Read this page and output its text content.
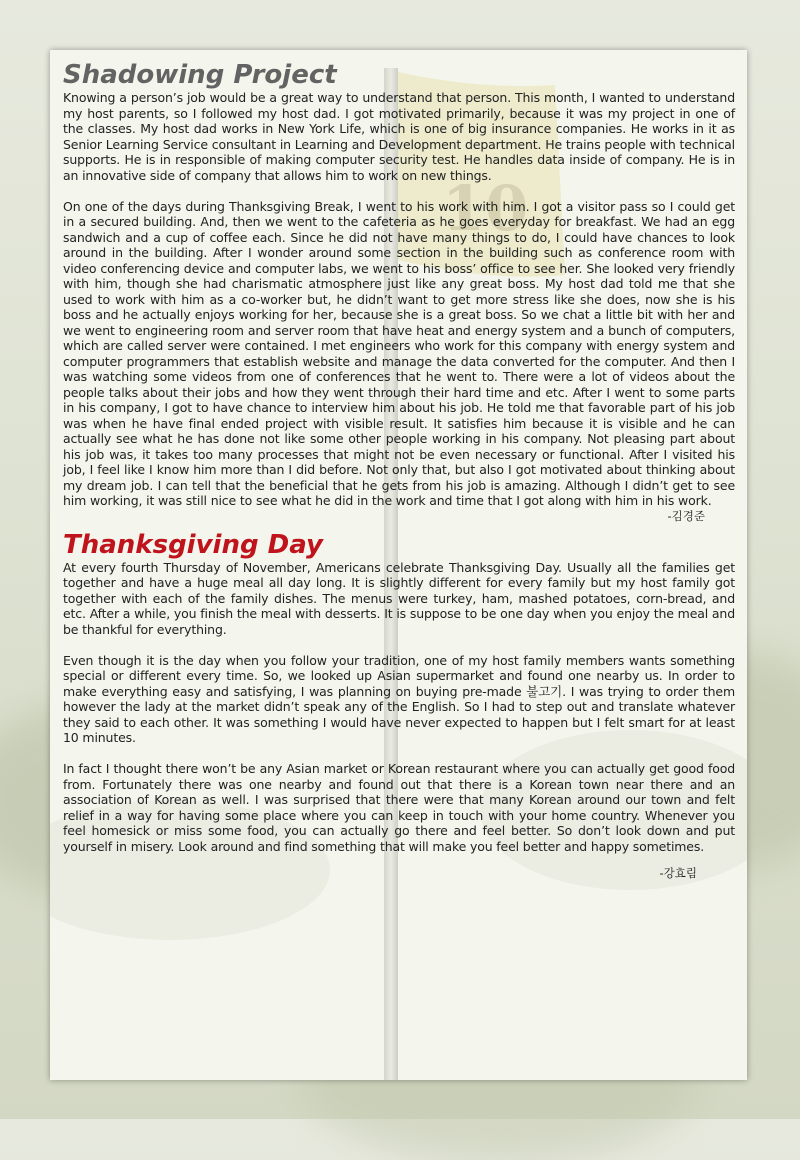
10
Shadowing Project

Knowing a person’s job would be a great way to understand that person. This month, I wanted to understand my host parents, so I followed my host dad. I got motivated primarily, because it was my project in one of the classes. My host dad works in New York Life, which is one of big insurance companies. He works in it as Senior Learning Service consultant in Learning and Development department. He trains people with technical supports. He is in responsible of making computer security test. He handles data inside of company. He is in an innovative side of company that allows him to work on new things.

On one of the days during Thanksgiving Break, I went to his work with him. I got a visitor pass so I could get in a secured building. And, then we went to the cafeteria as he goes everyday for breakfast. We had an egg sandwich and a cup of coffee each. Since he did not have many things to do, I could have chances to look around in the building. After I wonder around some section in the building such as conference room with video conferencing device and computer labs, we went to his boss’ office to see her. She looked very friendly with him, though she had charismatic atmosphere just like any great boss. My host dad told me that she used to work with him as a co-worker but, he didn’t want to get more stress like she does, now she is his boss and he actually enjoys working for her, because she is a great boss. So we chat a little bit with her and we went to engineering room and server room that have heat and energy system and a bunch of computers, which are called server were contained. I met engineers who work for this company with energy system and computer programmers that establish website and manage the data converted for the computer. And then I was watching some videos from one of conferences that he went to. There were a lot of videos about the people talks about their jobs and how they went through their hard time and etc. After I went to some parts in his company, I got to have chance to interview him about his job. He told me that favorable part of his job was when he have final ended project with visible result. It satisfies him because it is visible and he can actually see what he has done not like some other people working in his company. Not pleasing part about his job was, it takes too many processes that might not be even necessary or functional. After I visited his job, I feel like I know him more than I did before. Not only that, but also I got motivated about thinking about my dream job. I can tell that the beneficial that he gets from his job is amazing. Although I didn’t get to see him working, it was still nice to see what he did in the work and time that I got along with him in his work.

-김경준
Thanksgiving Day

At every fourth Thursday of November, Americans celebrate Thanksgiving Day. Usually all the families get together and have a huge meal all day long. It is slightly different for every family but my host family got together with each of the family dishes. The menus were turkey, ham, mashed potatoes, corn-bread, and etc. After a while, you finish the meal with desserts. It is suppose to be one day when you enjoy the meal and be thankful for everything.

Even though it is the day when you follow your tradition, one of my host family members wants something special or different every time. So, we looked up Asian supermarket and found one nearby us. In order to make everything easy and satisfying, I was planning on buying pre-made 불고기. I was trying to order them however the lady at the market didn’t speak any of the English. So I had to step out and translate whatever they said to each other. It was something I would have never expected to happen but I felt smart for at least 10 minutes.

In fact I thought there won’t be any Asian market or Korean restaurant where you can actually get good food from. Fortunately there was one nearby and found out that there is a Korean town near there and an association of Korean as well. I was surprised that there were that many Korean around our town and felt relief in a way for having some place where you can keep in touch with your home country. Whenever you feel homesick or miss some food, you can actually go there and feel better. So don’t look down and put yourself in misery. Look around and find something that will make you feel better and happy sometimes.

-강효림
